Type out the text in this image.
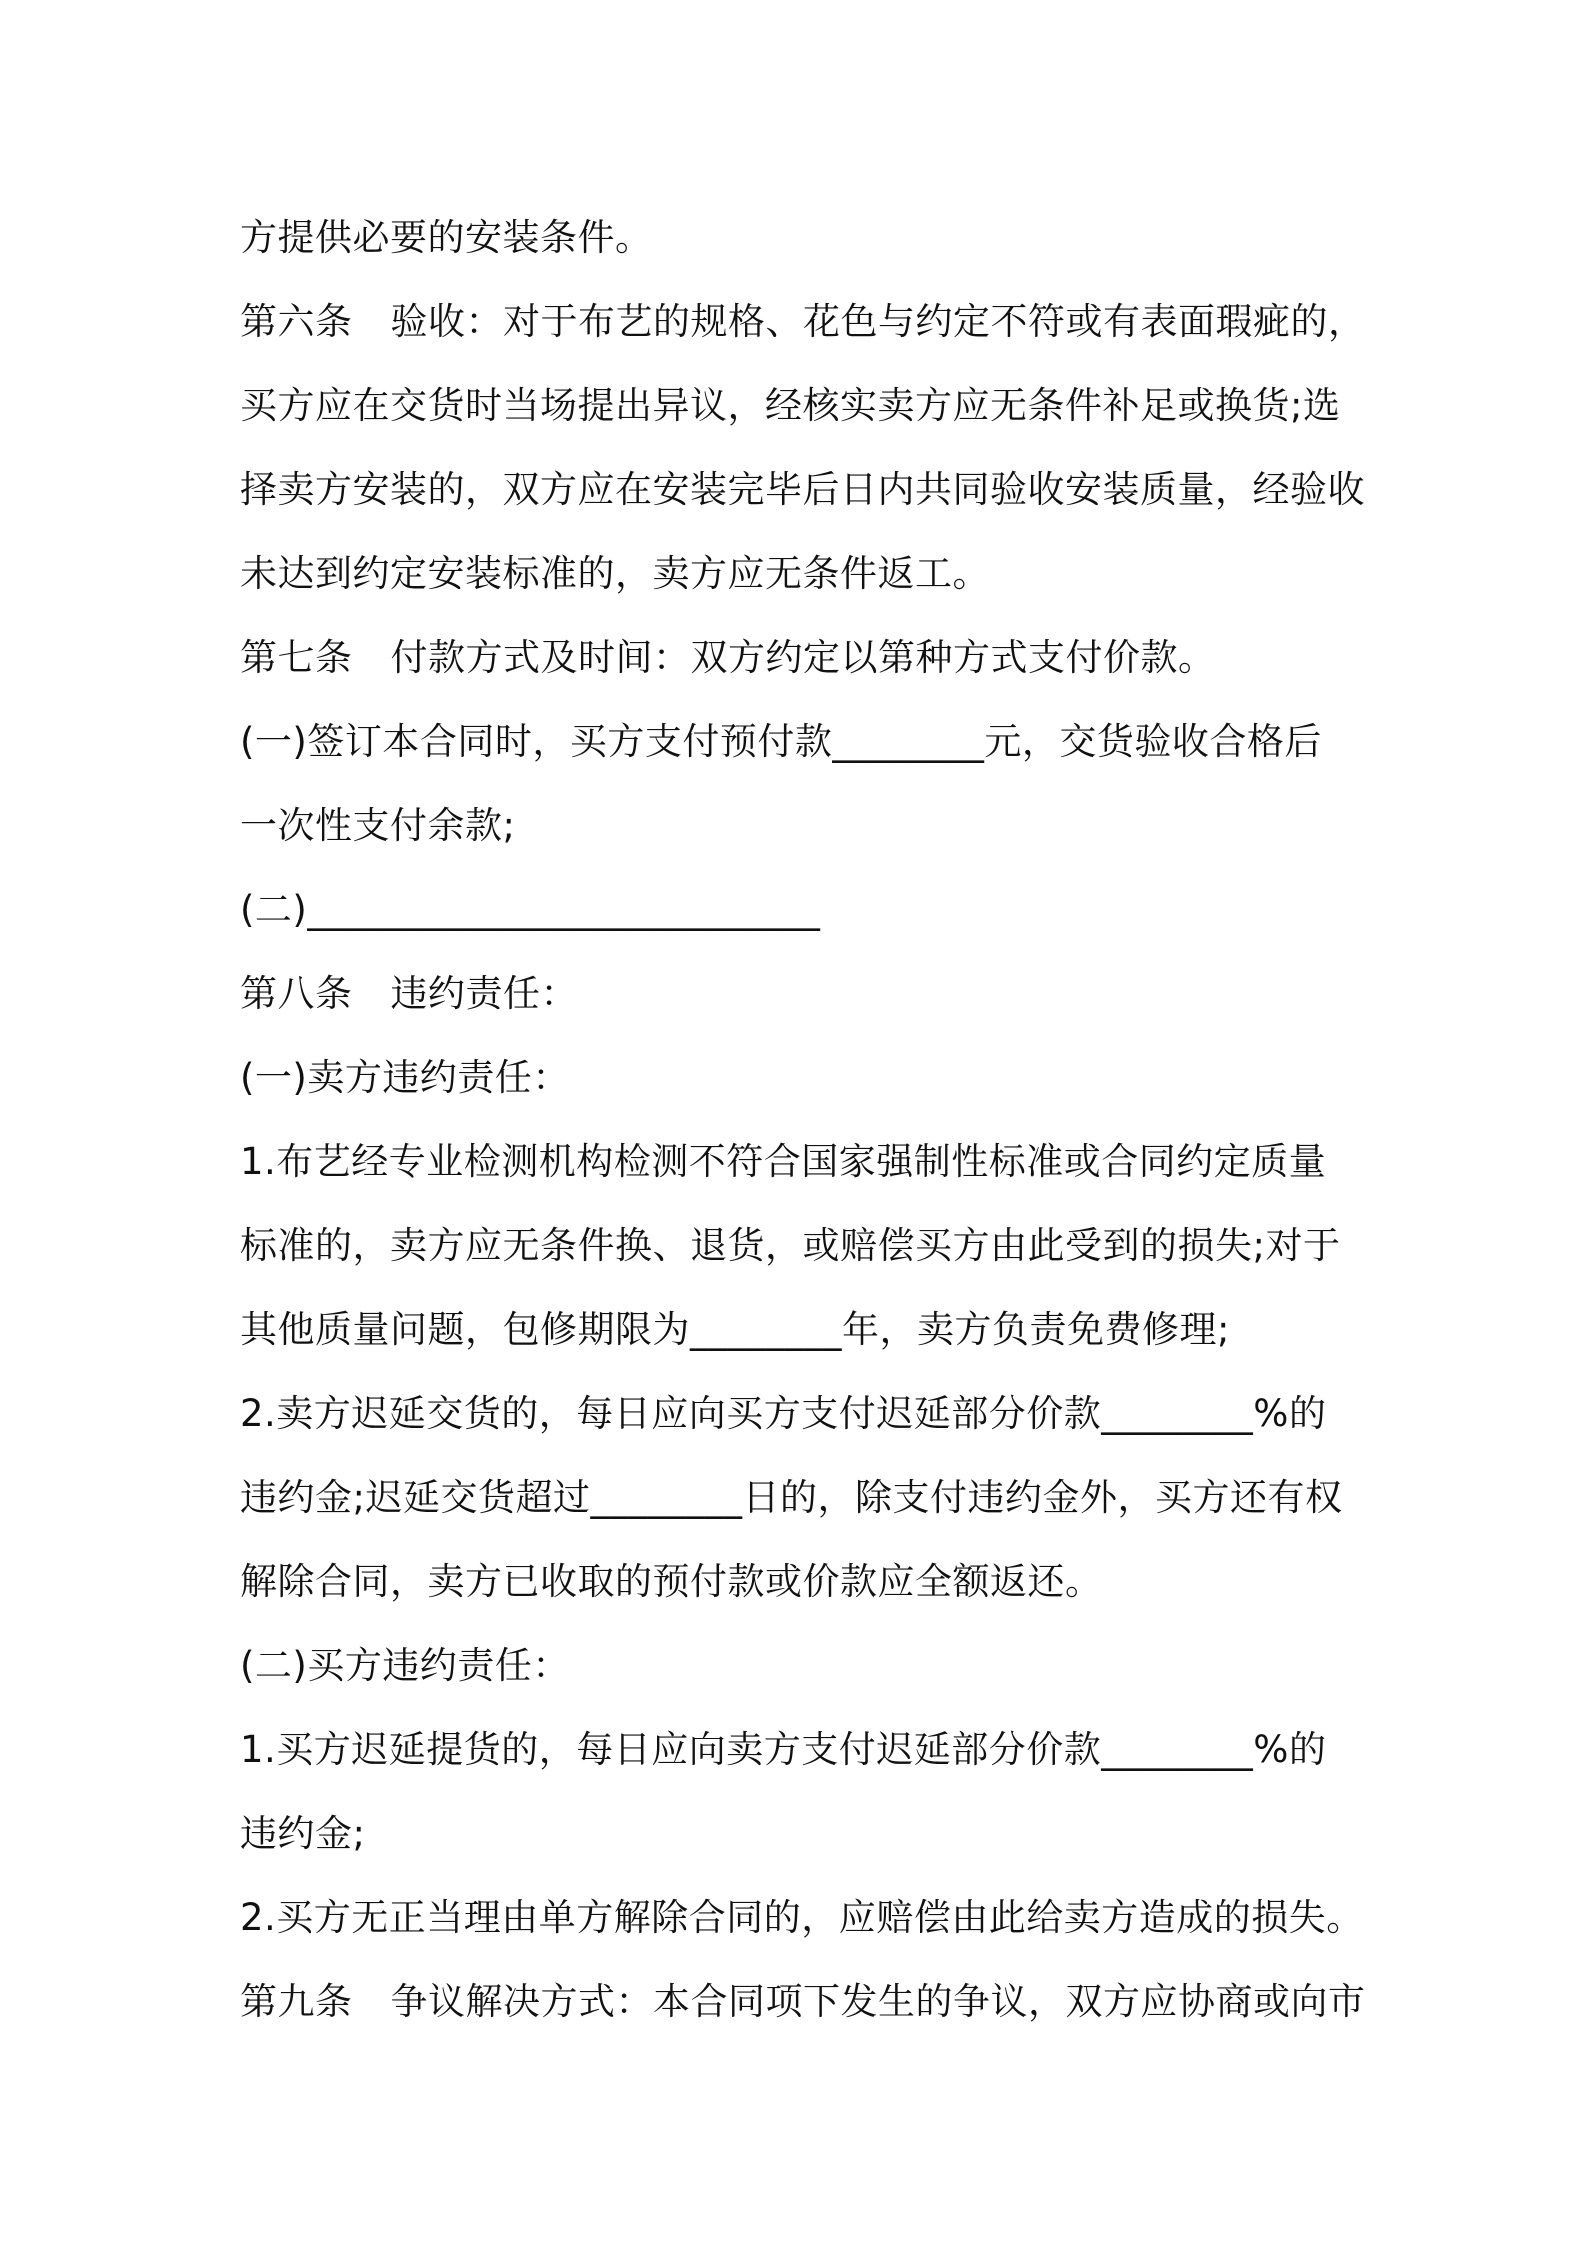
方提供必要的安装条件。
第六条 验收：对于布艺的规格、花色与约定不符或有表面瑕疵的，
买方应在交货时当场提出异议，经核实卖方应无条件补足或换货;选
择卖方安装的，双方应在安装完毕后日内共同验收安装质量，经验收
未达到约定安装标准的，卖方应无条件返工。
第七条 付款方式及时间：双方约定以第种方式支付价款。
(一)签订本合同时，买方支付预付款________元，交货验收合格后
一次性支付余款;
(二)___________________________
第八条 违约责任：
(一)卖方违约责任：
1.布艺经专业检测机构检测不符合国家强制性标准或合同约定质量
标准的，卖方应无条件换、退货，或赔偿买方由此受到的损失;对于
其他质量问题，包修期限为________年，卖方负责免费修理;
2.卖方迟延交货的，每日应向买方支付迟延部分价款________%的
违约金;迟延交货超过________日的，除支付违约金外，买方还有权
解除合同，卖方已收取的预付款或价款应全额返还。
(二)买方违约责任：
1.买方迟延提货的，每日应向卖方支付迟延部分价款________%的
违约金;
2.买方无正当理由单方解除合同的，应赔偿由此给卖方造成的损失。
第九条 争议解决方式：本合同项下发生的争议，双方应协商或向市
